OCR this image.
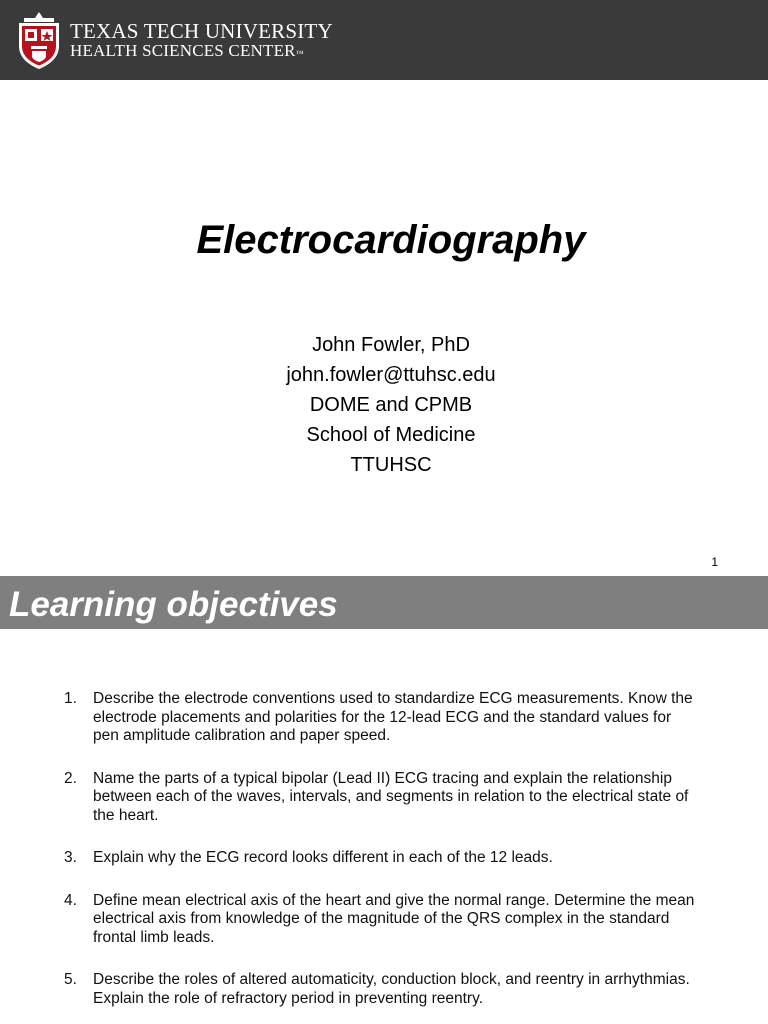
TEXAS TECH UNIVERSITY
HEALTH SCIENCES CENTER™
Electrocardiography
John Fowler, PhD
john.fowler@ttuhsc.edu
DOME and CPMB
School of Medicine
TTUHSC
1
Learning objectives
1. Describe the electrode conventions used to standardize ECG measurements. Know the electrode placements and polarities for the 12-lead ECG and the standard values for pen amplitude calibration and paper speed.
2. Name the parts of a typical bipolar (Lead II) ECG tracing and explain the relationship between each of the waves, intervals, and segments in relation to the electrical state of the heart.
3. Explain why the ECG record looks different in each of the 12 leads.
4. Define mean electrical axis of the heart and give the normal range. Determine the mean electrical axis from knowledge of the magnitude of the QRS complex in the standard frontal limb leads.
5. Describe the roles of altered automaticity, conduction block, and reentry in arrhythmias. Explain the role of refractory period in preventing reentry.
